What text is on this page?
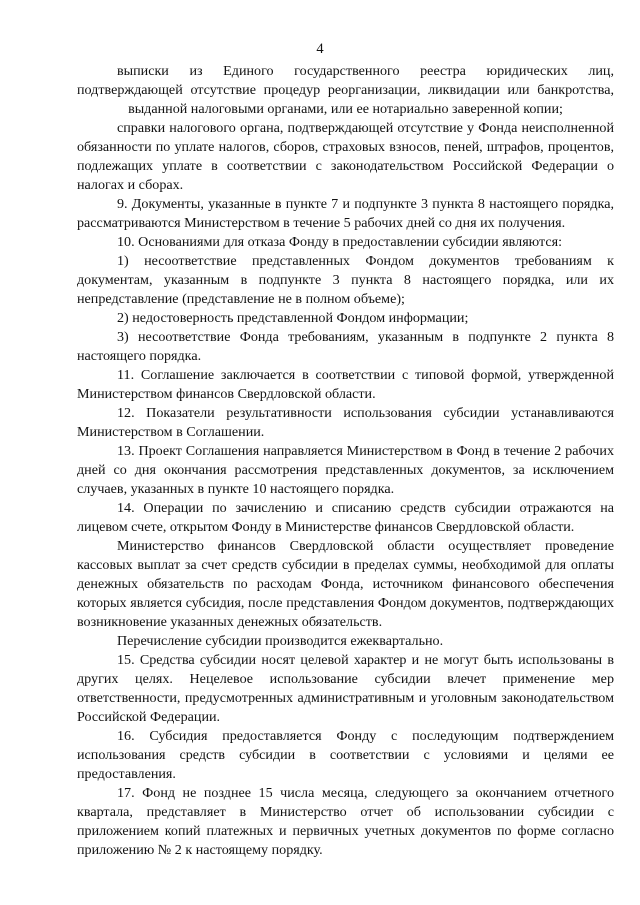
4

выписки из Единого государственного реестра юридических лиц, подтверждающей отсутствие процедур реорганизации, ликвидации или банкротства, выданной налоговыми органами, или ее нотариально заверенной копии;

справки налогового органа, подтверждающей отсутствие у Фонда неисполненной обязанности по уплате налогов, сборов, страховых взносов, пеней, штрафов, процентов, подлежащих уплате в соответствии с законодательством Российской Федерации о налогах и сборах.

9. Документы, указанные в пункте 7 и подпункте 3 пункта 8 настоящего порядка, рассматриваются Министерством в течение 5 рабочих дней со дня их получения.

10. Основаниями для отказа Фонду в предоставлении субсидии являются:

1) несоответствие представленных Фондом документов требованиям к документам, указанным в подпункте 3 пункта 8 настоящего порядка, или их непредставление (представление не в полном объеме);

2) недостоверность представленной Фондом информации;

3) несоответствие Фонда требованиям, указанным в подпункте 2 пункта 8 настоящего порядка.

11. Соглашение заключается в соответствии с типовой формой, утвержденной Министерством финансов Свердловской области.

12. Показатели результативности использования субсидии устанавливаются Министерством в Соглашении.

13. Проект Соглашения направляется Министерством в Фонд в течение 2 рабочих дней со дня окончания рассмотрения представленных документов, за исключением случаев, указанных в пункте 10 настоящего порядка.

14. Операции по зачислению и списанию средств субсидии отражаются на лицевом счете, открытом Фонду в Министерстве финансов Свердловской области.

Министерство финансов Свердловской области осуществляет проведение кассовых выплат за счет средств субсидии в пределах суммы, необходимой для оплаты денежных обязательств по расходам Фонда, источником финансового обеспечения которых является субсидия, после представления Фондом документов, подтверждающих возникновение указанных денежных обязательств.

Перечисление субсидии производится ежеквартально.

15. Средства субсидии носят целевой характер и не могут быть использованы в других целях. Нецелевое использование субсидии влечет применение мер ответственности, предусмотренных административным и уголовным законодательством Российской Федерации.

16. Субсидия предоставляется Фонду с последующим подтверждением использования средств субсидии в соответствии с условиями и целями ее предоставления.

17. Фонд не позднее 15 числа месяца, следующего за окончанием отчетного квартала, представляет в Министерство отчет об использовании субсидии с приложением копий платежных и первичных учетных документов по форме согласно приложению № 2 к настоящему порядку.
